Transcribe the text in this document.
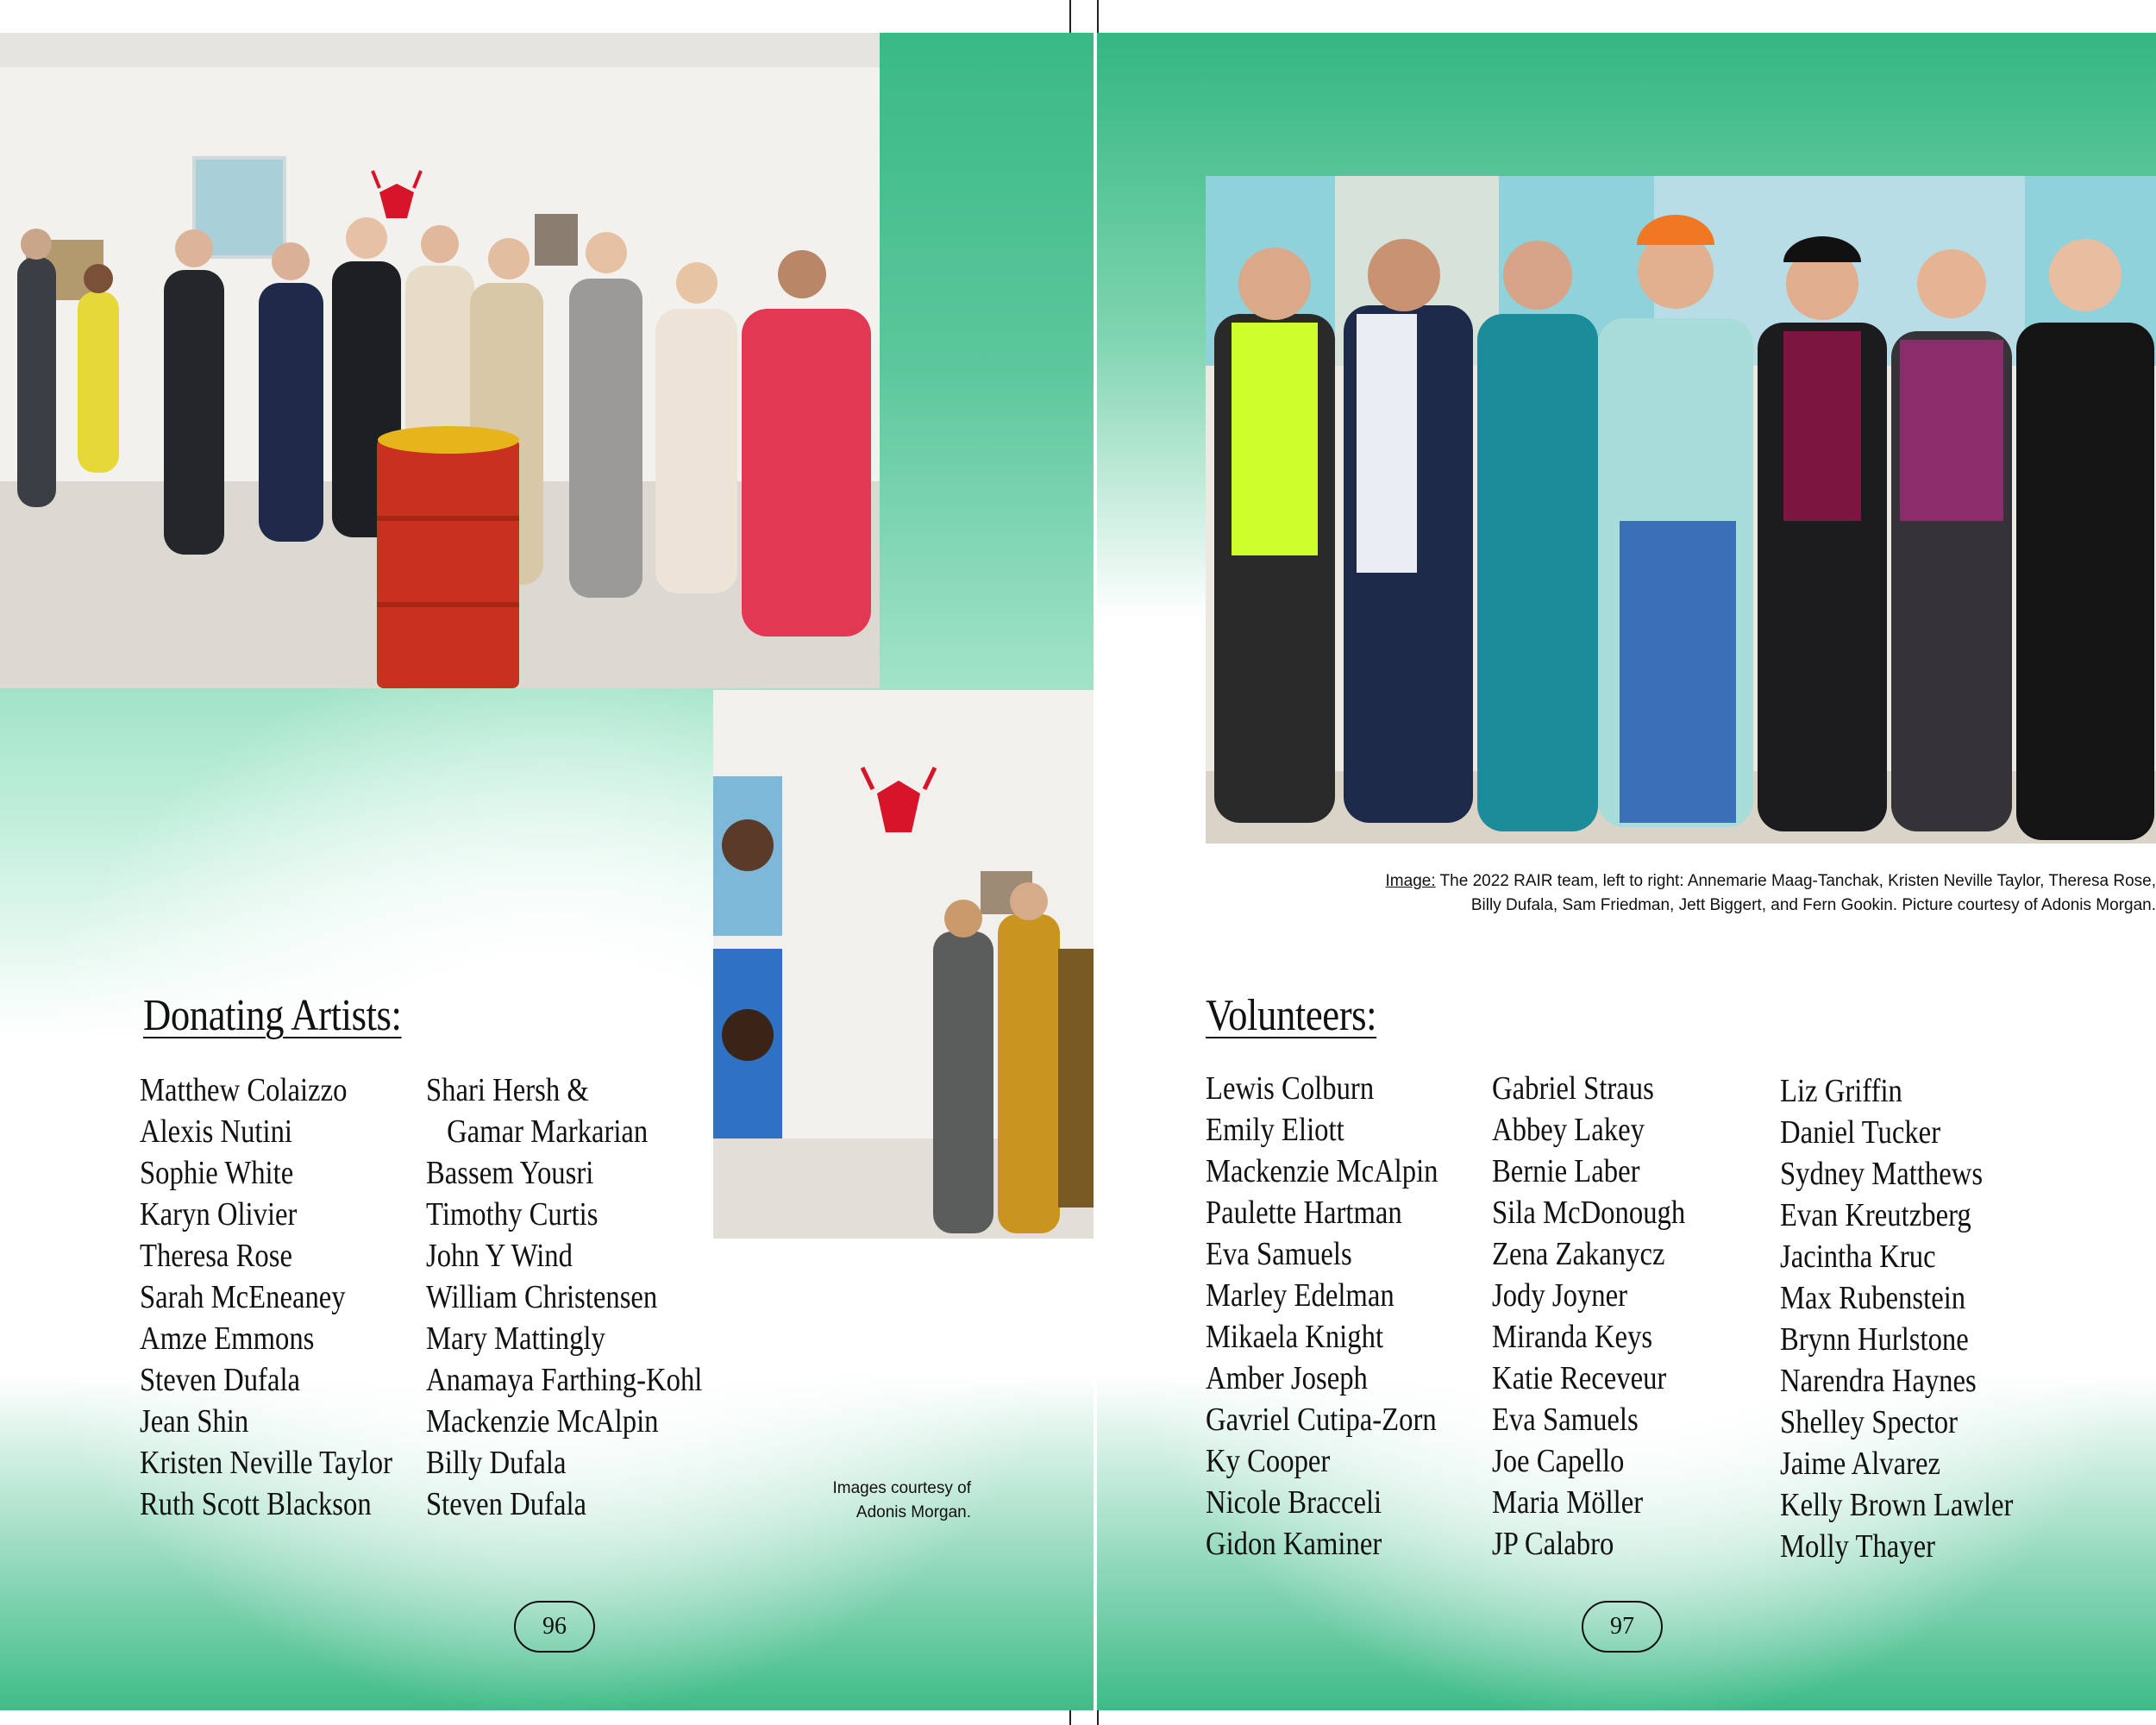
Donating Artists:
Matthew Colaizzo
Alexis Nutini
Sophie White
Karyn Olivier
Theresa Rose
Sarah McEneaney
Amze Emmons
Steven Dufala
Jean Shin
Kristen Neville Taylor
Ruth Scott Blackson
Shari Hersh &
Gamar Markarian
Bassem Yousri
Timothy Curtis
John Y Wind
William Christensen
Mary Mattingly
Anamaya Farthing-Kohl
Mackenzie McAlpin
Billy Dufala
Steven Dufala	Images courtesy of
Adonis Morgan.
96
Image: The 2022 RAIR team, left to right: Annemarie Maag-Tanchak, Kristen Neville Taylor, Theresa Rose,
Billy Dufala, Sam Friedman, Jett Biggert, and Fern Gookin. Picture courtesy of Adonis Morgan.
Volunteers:
Lewis Colburn
Emily Eliott
Mackenzie McAlpin
Paulette Hartman
Eva Samuels
Marley Edelman
Mikaela Knight
Amber Joseph
Gavriel Cutipa-Zorn
Ky Cooper
Nicole Bracceli
Gidon Kaminer
Gabriel Straus
Abbey Lakey
Bernie Laber
Sila McDonough
Zena Zakanycz
Jody Joyner
Miranda Keys
Katie Receveur
Eva Samuels
Joe Capello
Maria Möller
JP Calabro
Liz Griffin
Daniel Tucker
Sydney Matthews
Evan Kreutzberg
Jacintha Kruc
Max Rubenstein
Brynn Hurlstone
Narendra Haynes
Shelley Spector
Jaime Alvarez
Kelly Brown Lawler
Molly Thayer
97
